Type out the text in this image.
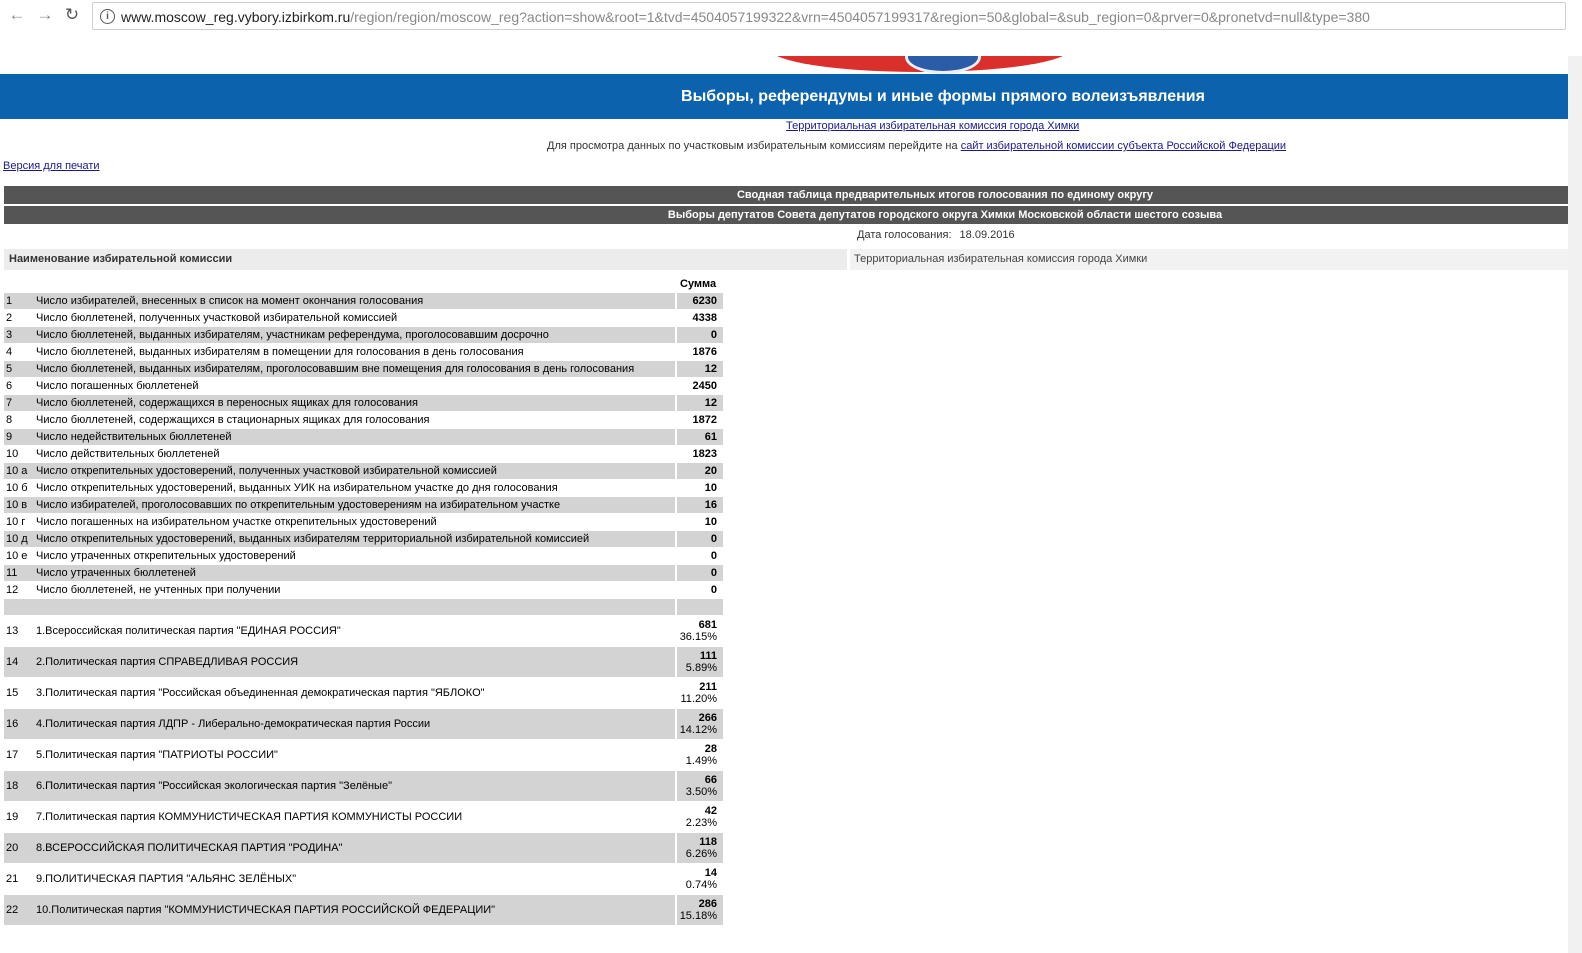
← → ↻	i www.moscow_reg.vybory.izbirkom.ru/region/region/moscow_reg?action=show&root=1&tvd=4504057199322&vrn=4504057199317&region=50&global=&sub_region=0&prver=0&pronetvd=null&type=380
Выборы, референдумы и иные формы прямого волеизъявления
Территориальная избирательная комиссия города Химки
Для просмотра данных по участковым избирательным комиссиям перейдите на сайт избирательной комиссии субъекта Российской Федерации
Версия для печати
Сводная таблица предварительных итогов голосования по единому округу
Выборы депутатов Совета депутатов городского округа Химки Московской области шестого созыва
Дата голосования: 18.09.2016
Наименование избирательной комиссии	Территориальная избирательная комиссия города Химки
Сумма
1	Число избирателей, внесенных в список на момент окончания голосования	6230
2	Число бюллетеней, полученных участковой избирательной комиссией	4338
3	Число бюллетеней, выданных избирателям, участникам референдума, проголосовавшим досрочно	0
4	Число бюллетеней, выданных избирателям в помещении для голосования в день голосования	1876
5	Число бюллетеней, выданных избирателям, проголосовавшим вне помещения для голосования в день голосования	12
6	Число погашенных бюллетеней	2450
7	Число бюллетеней, содержащихся в переносных ящиках для голосования	12
8	Число бюллетеней, содержащихся в стационарных ящиках для голосования	1872
9	Число недействительных бюллетеней	61
10	Число действительных бюллетеней	1823
10 а	Число открепительных удостоверений, полученных участковой избирательной комиссией	20
10 б	Число открепительных удостоверений, выданных УИК на избирательном участке до дня голосования	10
10 в	Число избирателей, проголосовавших по открепительным удостоверениям на избирательном участке	16
10 г	Число погашенных на избирательном участке открепительных удостоверений	10
10 д	Число открепительных удостоверений, выданных избирателям территориальной избирательной комиссией	0
10 е	Число утраченных открепительных удостоверений	0
11	Число утраченных бюллетеней	0
12	Число бюллетеней, не учтенных при получении	0

13	1.Всероссийская политическая партия "ЕДИНАЯ РОССИЯ"	681
36.15%

14	2.Политическая партия СПРАВЕДЛИВАЯ РОССИЯ	111
5.89%

15	3.Политическая партия "Российская объединенная демократическая партия "ЯБЛОКО"	211
11.20%

16	4.Политическая партия ЛДПР - Либерально-демократическая партия России	266
14.12%

17	5.Политическая партия "ПАТРИОТЫ РОССИИ"	28
1.49%

18	6.Политическая партия "Российская экологическая партия "Зелёные"	66
3.50%

19	7.Политическая партия КОММУНИСТИЧЕСКАЯ ПАРТИЯ КОММУНИСТЫ РОССИИ	42
2.23%

20	8.ВСЕРОССИЙСКАЯ ПОЛИТИЧЕСКАЯ ПАРТИЯ "РОДИНА"	118
6.26%

21	9.ПОЛИТИЧЕСКАЯ ПАРТИЯ "АЛЬЯНС ЗЕЛЁНЫХ"	14
0.74%

22	10.Политическая партия "КОММУНИСТИЧЕСКАЯ ПАРТИЯ РОССИЙСКОЙ ФЕДЕРАЦИИ"	286
15.18%
